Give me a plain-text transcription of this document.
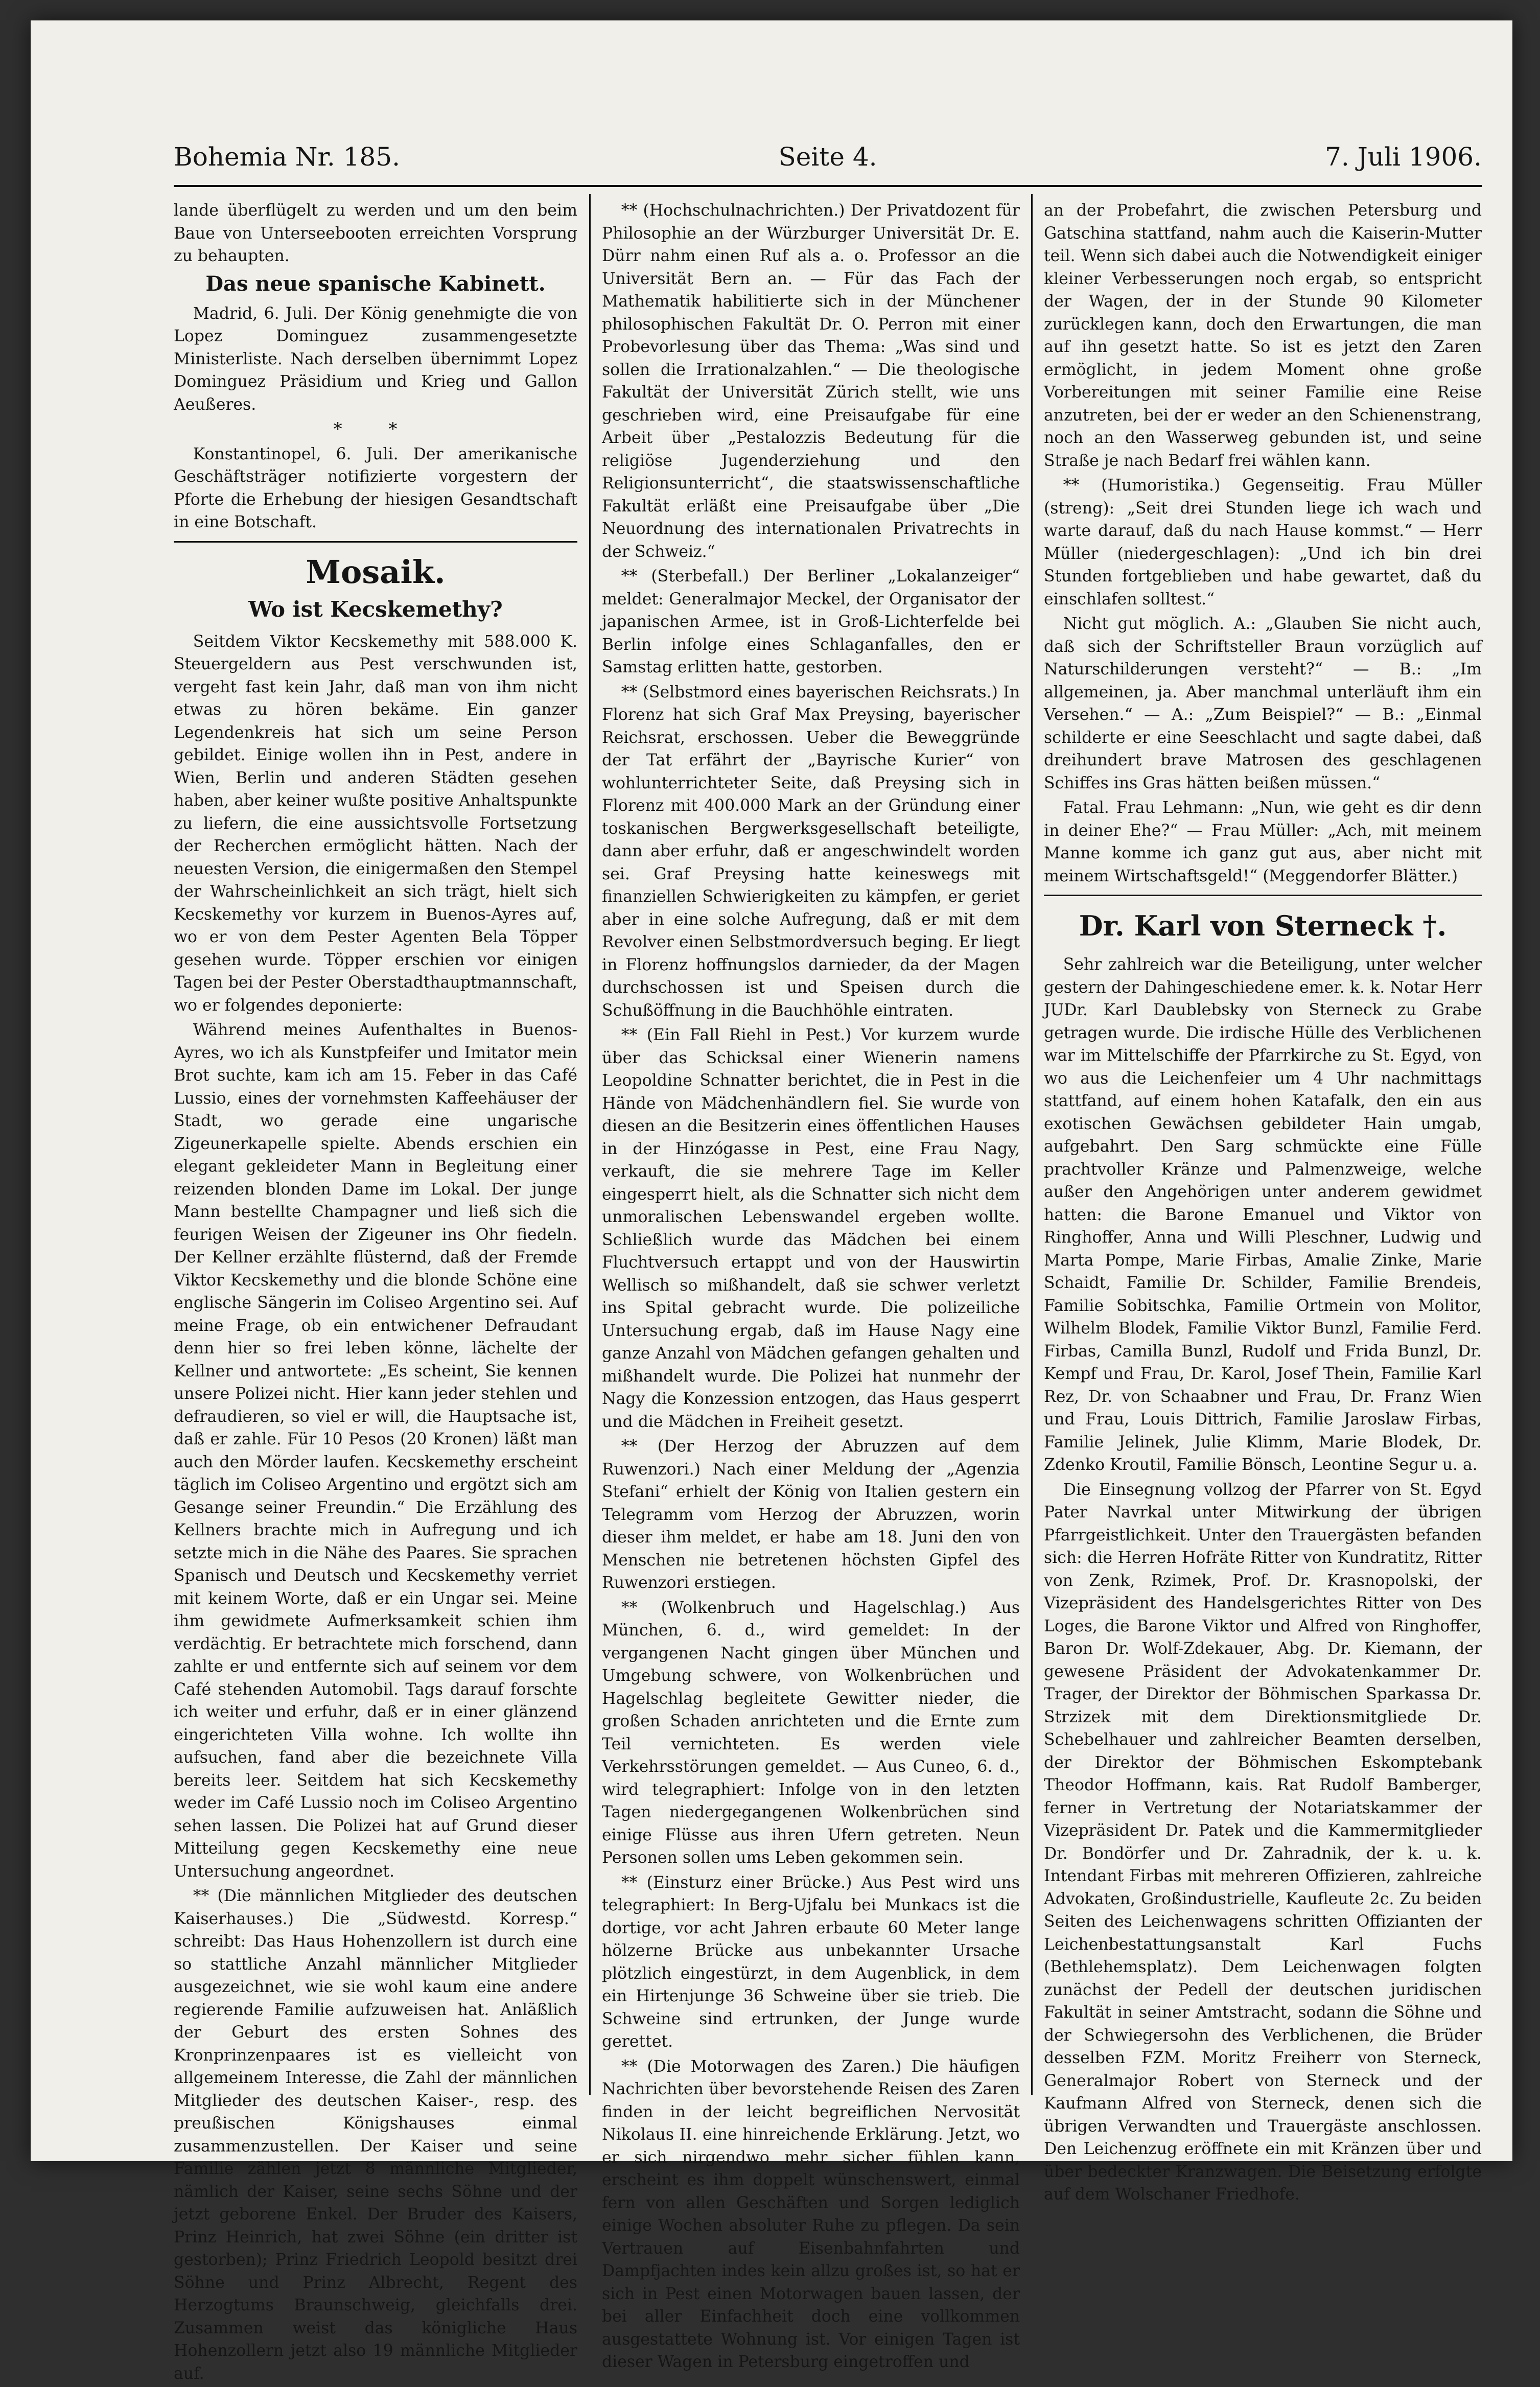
Bohemia Nr. 185.	Seite 4.	7. Juli 1906.

lande überflügelt zu werden und um den beim Baue von Unterseebooten erreichten Vorsprung zu behaupten.

Das neue spanische Kabinett.

Madrid, 6. Juli. Der König genehmigte die von Lopez Dominguez zusammengesetzte Ministerliste. Nach derselben übernimmt Lopez Dominguez Präsidium und Krieg und Gallon Aeußeres.

* *

Konstantinopel, 6. Juli. Der amerikanische Geschäftsträger notifizierte vorgestern der Pforte die Erhebung der hiesigen Gesandtschaft in eine Botschaft.

Mosaik.
Wo ist Kecskemethy?

Seitdem Viktor Kecskemethy mit 588.000 K. Steuergeldern aus Pest verschwunden ist, vergeht fast kein Jahr, daß man von ihm nicht etwas zu hören bekäme. Ein ganzer Legendenkreis hat sich um seine Person gebildet. Einige wollen ihn in Pest, andere in Wien, Berlin und anderen Städten gesehen haben, aber keiner wußte positive Anhaltspunkte zu liefern, die eine aussichtsvolle Fortsetzung der Recherchen ermöglicht hätten. Nach der neuesten Version, die einigermaßen den Stempel der Wahrscheinlichkeit an sich trägt, hielt sich Kecskemethy vor kurzem in Buenos-Ayres auf, wo er von dem Pester Agenten Bela Töpper gesehen wurde. Töpper erschien vor einigen Tagen bei der Pester Oberstadthauptmannschaft, wo er folgendes deponierte:

Während meines Aufenthaltes in Buenos-Ayres, wo ich als Kunstpfeifer und Imitator mein Brot suchte, kam ich am 15. Feber in das Café Lussio, eines der vornehmsten Kaffeehäuser der Stadt, wo gerade eine ungarische Zigeunerkapelle spielte. Abends erschien ein elegant gekleideter Mann in Begleitung einer reizenden blonden Dame im Lokal. Der junge Mann bestellte Champagner und ließ sich die feurigen Weisen der Zigeuner ins Ohr fiedeln. Der Kellner erzählte flüsternd, daß der Fremde Viktor Kecskemethy und die blonde Schöne eine englische Sängerin im Coliseo Argentino sei. Auf meine Frage, ob ein entwichener Defraudant denn hier so frei leben könne, lächelte der Kellner und antwortete: „Es scheint, Sie kennen unsere Polizei nicht. Hier kann jeder stehlen und defraudieren, so viel er will, die Hauptsache ist, daß er zahle. Für 10 Pesos (20 Kronen) läßt man auch den Mörder laufen. Kecskemethy erscheint täglich im Coliseo Argentino und ergötzt sich am Gesange seiner Freundin.“ Die Erzählung des Kellners brachte mich in Aufregung und ich setzte mich in die Nähe des Paares. Sie sprachen Spanisch und Deutsch und Kecskemethy verriet mit keinem Worte, daß er ein Ungar sei. Meine ihm gewidmete Aufmerksamkeit schien ihm verdächtig. Er betrachtete mich forschend, dann zahlte er und entfernte sich auf seinem vor dem Café stehenden Automobil. Tags darauf forschte ich weiter und erfuhr, daß er in einer glänzend eingerichteten Villa wohne. Ich wollte ihn aufsuchen, fand aber die bezeichnete Villa bereits leer. Seitdem hat sich Kecskemethy weder im Café Lussio noch im Coliseo Argentino sehen lassen. Die Polizei hat auf Grund dieser Mitteilung gegen Kecskemethy eine neue Untersuchung angeordnet.

** (Die männlichen Mitglieder des deutschen Kaiserhauses.) Die „Südwestd. Korresp.“ schreibt: Das Haus Hohenzollern ist durch eine so stattliche Anzahl männlicher Mitglieder ausgezeichnet, wie sie wohl kaum eine andere regierende Familie aufzuweisen hat. Anläßlich der Geburt des ersten Sohnes des Kronprinzenpaares ist es vielleicht von allgemeinem Interesse, die Zahl der männlichen Mitglieder des deutschen Kaiser-, resp. des preußischen Königshauses einmal zusammenzustellen. Der Kaiser und seine Familie zählen jetzt 8 männliche Mitglieder, nämlich der Kaiser, seine sechs Söhne und der jetzt geborene Enkel. Der Bruder des Kaisers, Prinz Heinrich, hat zwei Söhne (ein dritter ist gestorben); Prinz Friedrich Leopold besitzt drei Söhne und Prinz Albrecht, Regent des Herzogtums Braunschweig, gleichfalls drei. Zusammen weist das königliche Haus Hohenzollern jetzt also 19 männliche Mitglieder auf.

** (Hochschulnachrichten.) Der Privatdozent für Philosophie an der Würzburger Universität Dr. E. Dürr nahm einen Ruf als a. o. Professor an die Universität Bern an. — Für das Fach der Mathematik habilitierte sich in der Münchener philosophischen Fakultät Dr. O. Perron mit einer Probevorlesung über das Thema: „Was sind und sollen die Irrationalzahlen.“ — Die theologische Fakultät der Universität Zürich stellt, wie uns geschrieben wird, eine Preisaufgabe für eine Arbeit über „Pestalozzis Bedeutung für die religiöse Jugenderziehung und den Religionsunterricht“, die staatswissenschaftliche Fakultät erläßt eine Preisaufgabe über „Die Neuordnung des internationalen Privatrechts in der Schweiz.“

** (Sterbefall.) Der Berliner „Lokalanzeiger“ meldet: Generalmajor Meckel, der Organisator der japanischen Armee, ist in Groß-Lichterfelde bei Berlin infolge eines Schlaganfalles, den er Samstag erlitten hatte, gestorben.

** (Selbstmord eines bayerischen Reichsrats.) In Florenz hat sich Graf Max Preysing, bayerischer Reichsrat, erschossen. Ueber die Beweggründe der Tat erfährt der „Bayrische Kurier“ von wohlunterrichteter Seite, daß Preysing sich in Florenz mit 400.000 Mark an der Gründung einer toskanischen Bergwerksgesellschaft beteiligte, dann aber erfuhr, daß er angeschwindelt worden sei. Graf Preysing hatte keineswegs mit finanziellen Schwierigkeiten zu kämpfen, er geriet aber in eine solche Aufregung, daß er mit dem Revolver einen Selbstmordversuch beging. Er liegt in Florenz hoffnungslos darnieder, da der Magen durchschossen ist und Speisen durch die Schußöffnung in die Bauchhöhle eintraten.

** (Ein Fall Riehl in Pest.) Vor kurzem wurde über das Schicksal einer Wienerin namens Leopoldine Schnatter berichtet, die in Pest in die Hände von Mädchenhändlern fiel. Sie wurde von diesen an die Besitzerin eines öffentlichen Hauses in der Hinzógasse in Pest, eine Frau Nagy, verkauft, die sie mehrere Tage im Keller eingesperrt hielt, als die Schnatter sich nicht dem unmoralischen Lebenswandel ergeben wollte. Schließlich wurde das Mädchen bei einem Fluchtversuch ertappt und von der Hauswirtin Wellisch so mißhandelt, daß sie schwer verletzt ins Spital gebracht wurde. Die polizeiliche Untersuchung ergab, daß im Hause Nagy eine ganze Anzahl von Mädchen gefangen gehalten und mißhandelt wurde. Die Polizei hat nunmehr der Nagy die Konzession entzogen, das Haus gesperrt und die Mädchen in Freiheit gesetzt.

** (Der Herzog der Abruzzen auf dem Ruwenzori.) Nach einer Meldung der „Agenzia Stefani“ erhielt der König von Italien gestern ein Telegramm vom Herzog der Abruzzen, worin dieser ihm meldet, er habe am 18. Juni den von Menschen nie betretenen höchsten Gipfel des Ruwenzori erstiegen.

** (Wolkenbruch und Hagelschlag.) Aus München, 6. d., wird gemeldet: In der vergangenen Nacht gingen über München und Umgebung schwere, von Wolkenbrüchen und Hagelschlag begleitete Gewitter nieder, die großen Schaden anrichteten und die Ernte zum Teil vernichteten. Es werden viele Verkehrsstörungen gemeldet. — Aus Cuneo, 6. d., wird telegraphiert: Infolge von in den letzten Tagen niedergegangenen Wolkenbrüchen sind einige Flüsse aus ihren Ufern getreten. Neun Personen sollen ums Leben gekommen sein.

** (Einsturz einer Brücke.) Aus Pest wird uns telegraphiert: In Berg-Ujfalu bei Munkacs ist die dortige, vor acht Jahren erbaute 60 Meter lange hölzerne Brücke aus unbekannter Ursache plötzlich eingestürzt, in dem Augenblick, in dem ein Hirtenjunge 36 Schweine über sie trieb. Die Schweine sind ertrunken, der Junge wurde gerettet.

** (Die Motorwagen des Zaren.) Die häufigen Nachrichten über bevorstehende Reisen des Zaren finden in der leicht begreiflichen Nervosität Nikolaus II. eine hinreichende Erklärung. Jetzt, wo er sich nirgendwo mehr sicher fühlen kann, erscheint es ihm doppelt wünschenswert, einmal fern von allen Geschäften und Sorgen lediglich einige Wochen absoluter Ruhe zu pflegen. Da sein Vertrauen auf Eisenbahnfahrten und Dampfjachten indes kein allzu großes ist, so hat er sich in Pest einen Motorwagen bauen lassen, der bei aller Einfachheit doch eine vollkommen ausgestattete Wohnung ist. Vor einigen Tagen ist dieser Wagen in Petersburg eingetroffen und

an der Probefahrt, die zwischen Petersburg und Gatschina stattfand, nahm auch die Kaiserin-Mutter teil. Wenn sich dabei auch die Notwendigkeit einiger kleiner Verbesserungen noch ergab, so entspricht der Wagen, der in der Stunde 90 Kilometer zurücklegen kann, doch den Erwartungen, die man auf ihn gesetzt hatte. So ist es jetzt den Zaren ermöglicht, in jedem Moment ohne große Vorbereitungen mit seiner Familie eine Reise anzutreten, bei der er weder an den Schienenstrang, noch an den Wasserweg gebunden ist, und seine Straße je nach Bedarf frei wählen kann.

** (Humoristika.) Gegenseitig. Frau Müller (streng): „Seit drei Stunden liege ich wach und warte darauf, daß du nach Hause kommst.“ — Herr Müller (niedergeschlagen): „Und ich bin drei Stunden fortgeblieben und habe gewartet, daß du einschlafen solltest.“

Nicht gut möglich. A.: „Glauben Sie nicht auch, daß sich der Schriftsteller Braun vorzüglich auf Naturschilderungen versteht?“ — B.: „Im allgemeinen, ja. Aber manchmal unterläuft ihm ein Versehen.“ — A.: „Zum Beispiel?“ — B.: „Einmal schilderte er eine Seeschlacht und sagte dabei, daß dreihundert brave Matrosen des geschlagenen Schiffes ins Gras hätten beißen müssen.“

Fatal. Frau Lehmann: „Nun, wie geht es dir denn in deiner Ehe?“ — Frau Müller: „Ach, mit meinem Manne komme ich ganz gut aus, aber nicht mit meinem Wirtschaftsgeld!“ (Meggendorfer Blätter.)

Dr. Karl von Sterneck †.

Sehr zahlreich war die Beteiligung, unter welcher gestern der Dahingeschiedene emer. k. k. Notar Herr JUDr. Karl Daublebsky von Sterneck zu Grabe getragen wurde. Die irdische Hülle des Verblichenen war im Mittelschiffe der Pfarrkirche zu St. Egyd, von wo aus die Leichenfeier um 4 Uhr nachmittags stattfand, auf einem hohen Katafalk, den ein aus exotischen Gewächsen gebildeter Hain umgab, aufgebahrt. Den Sarg schmückte eine Fülle prachtvoller Kränze und Palmenzweige, welche außer den Angehörigen unter anderem gewidmet hatten: die Barone Emanuel und Viktor von Ringhoffer, Anna und Willi Pleschner, Ludwig und Marta Pompe, Marie Firbas, Amalie Zinke, Marie Schaidt, Familie Dr. Schilder, Familie Brendeis, Familie Sobitschka, Familie Ortmein von Molitor, Wilhelm Blodek, Familie Viktor Bunzl, Familie Ferd. Firbas, Camilla Bunzl, Rudolf und Frida Bunzl, Dr. Kempf und Frau, Dr. Karol, Josef Thein, Familie Karl Rez, Dr. von Schaabner und Frau, Dr. Franz Wien und Frau, Louis Dittrich, Familie Jaroslaw Firbas, Familie Jelinek, Julie Klimm, Marie Blodek, Dr. Zdenko Kroutil, Familie Bönsch, Leontine Segur u. a.

Die Einsegnung vollzog der Pfarrer von St. Egyd Pater Navrkal unter Mitwirkung der übrigen Pfarrgeistlichkeit. Unter den Trauergästen befanden sich: die Herren Hofräte Ritter von Kundratitz, Ritter von Zenk, Rzimek, Prof. Dr. Krasnopolski, der Vizepräsident des Handelsgerichtes Ritter von Des Loges, die Barone Viktor und Alfred von Ringhoffer, Baron Dr. Wolf-Zdekauer, Abg. Dr. Kiemann, der gewesene Präsident der Advokatenkammer Dr. Trager, der Direktor der Böhmischen Sparkassa Dr. Strzizek mit dem Direktionsmitgliede Dr. Schebelhauer und zahlreicher Beamten derselben, der Direktor der Böhmischen Eskomptebank Theodor Hoffmann, kais. Rat Rudolf Bamberger, ferner in Vertretung der Notariatskammer der Vizepräsident Dr. Patek und die Kammermitglieder Dr. Bondörfer und Dr. Zahradnik, der k. u. k. Intendant Firbas mit mehreren Offizieren, zahlreiche Advokaten, Großindustrielle, Kaufleute 2c. Zu beiden Seiten des Leichenwagens schritten Offizianten der Leichenbestattungsanstalt Karl Fuchs (Bethlehemsplatz). Dem Leichenwagen folgten zunächst der Pedell der deutschen juridischen Fakultät in seiner Amtstracht, sodann die Söhne und der Schwiegersohn des Verblichenen, die Brüder desselben FZM. Moritz Freiherr von Sterneck, Generalmajor Robert von Sterneck und der Kaufmann Alfred von Sterneck, denen sich die übrigen Verwandten und Trauergäste anschlossen. Den Leichenzug eröffnete ein mit Kränzen über und über bedeckter Kranzwagen. Die Beisetzung erfolgte auf dem Wolschaner Friedhofe.
